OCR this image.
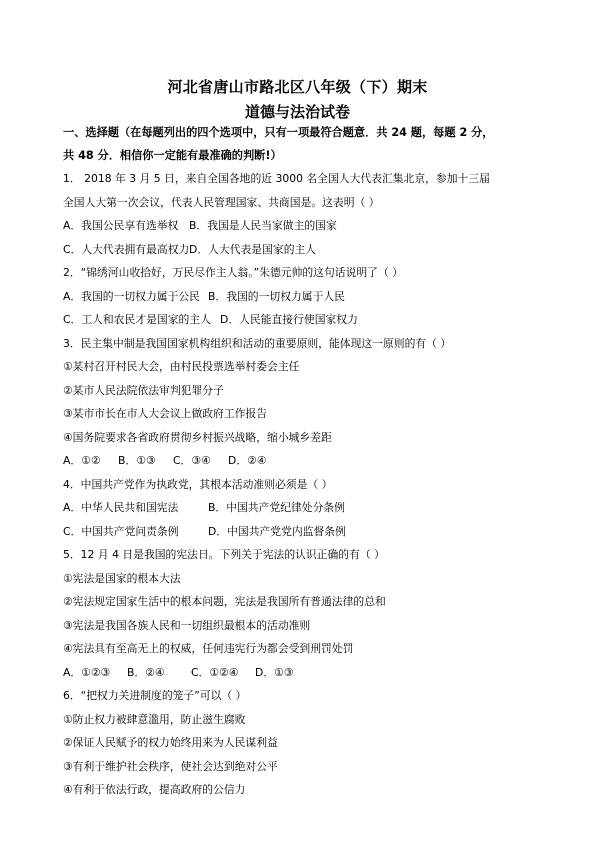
河北省唐山市路北区八年级（下）期末
道德与法治试卷
一、选择题（在每题列出的四个选项中，只有一项最符合题意．共 24 题，每题 2 分，
共 48 分．相信你一定能有最准确的判断!）
1． 2018 年 3 月 5 日，来自全国各地的近 3000 名全国人大代表汇集北京，参加十三届
全国人大第一次会议，代表人民管理国家、共商国是。这表明（ ）
A．我国公民享有选举权 B．我国是人民当家做主的国家
C．人大代表拥有最高权力D．人大代表是国家的主人
2．“锦绣河山收拾好，万民尽作主人翁。”朱德元帅的这句话说明了（ ）
A．我国的一切权力属于公民 B．我国的一切权力属于人民
C．工人和农民才是国家的主人 D．人民能直接行使国家权力
3．民主集中制是我国国家机构组织和活动的重要原则，能体现这一原则的有（ ）
①某村召开村民大会，由村民投票选举村委会主任
②某市人民法院依法审判犯罪分子
③某市市长在市人大会议上做政府工作报告
④国务院要求各省政府贯彻乡村振兴战略，缩小城乡差距
A．①② B．①③ C．③④ D．②④
4．中国共产党作为执政党，其根本活动准则必须是（ ）
A．中华人民共和国宪法	B．中国共产党纪律处分条例
C．中国共产党问责条例	D．中国共产党党内监督条例
5．12 月 4 日是我国的宪法日。下列关于宪法的认识正确的有（ ）
①宪法是国家的根本大法
②宪法规定国家生活中的根本问题，宪法是我国所有普通法律的总和
③宪法是我国各族人民和一切组织最根本的活动准则
④宪法具有至高无上的权威，任何违宪行为都会受到刑罚处罚
A．①②③ B．②④ C．①②④ D．①③
6．“把权力关进制度的笼子”可以（ ）
①防止权力被肆意滥用，防止滋生腐败
②保证人民赋予的权力始终用来为人民谋利益
③有利于维护社会秩序，使社会达到绝对公平
④有利于依法行政，提高政府的公信力
